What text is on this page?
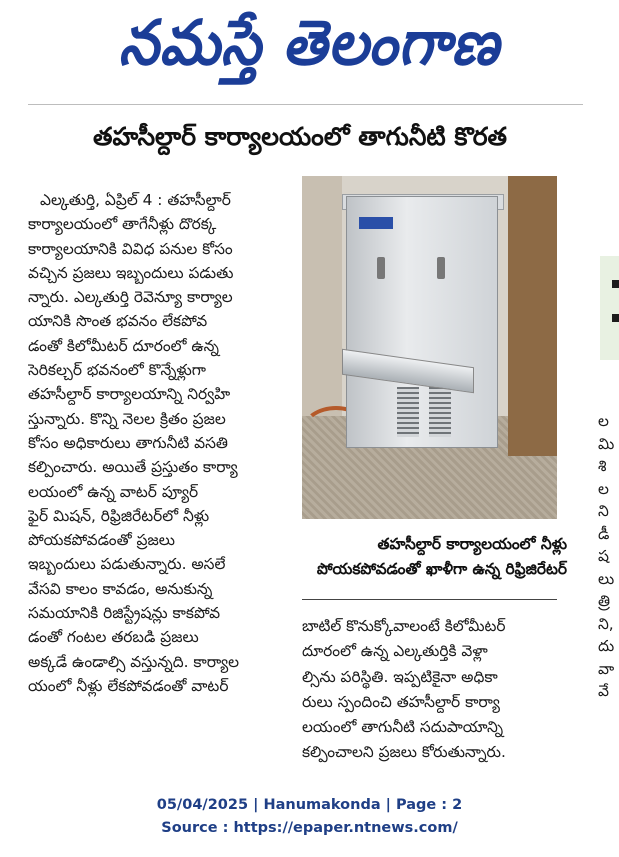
నమస్తే తెలంగాణ
తహసీల్దార్ కార్యాలయంలో తాగునీటి కొరత

ఎల్కతుర్తి, ఏప్రిల్ 4 : తహసీల్దార్

కార్యాలయంలో తాగేనీళ్లు దొరక్క

కార్యాలయానికి వివిధ పనుల కోసం

వచ్చిన ప్రజలు ఇబ్బందులు పడుతు

న్నారు. ఎల్కతుర్తి రెవెన్యూ కార్యాల

యానికి సొంత భవనం లేకపోవ

డంతో కిలోమీటర్ దూరంలో ఉన్న

సెరికల్చర్ భవనంలో కొన్నేళ్లుగా

తహసీల్దార్ కార్యాలయాన్ని నిర్వహి

స్తున్నారు. కొన్ని నెలల క్రితం ప్రజల

కోసం అధికారులు తాగునీటి వసతి

కల్పించారు. అయితే ప్రస్తుతం కార్యా

లయంలో ఉన్న వాటర్ ప్యూర్

ఫైర్ మిషన్, రిఫ్రిజిరేటర్‌లో నీళ్లు

పోయకపోవడంతో ప్రజలు

ఇబ్బందులు పడుతున్నారు. అసలే

వేసవి కాలం కావడం, అనుకున్న

సమయానికి రిజిస్ట్రేషన్లు కాకపోవ

డంతో గంటల తరబడి ప్రజలు

అక్కడే ఉండాల్సి వస్తున్నది. కార్యాల

యంలో నీళ్లు లేకపోవడంతో వాటర్

తహసీల్దార్ కార్యాలయంలో నీళ్లు

పోయకపోవడంతో ఖాళీగా ఉన్న రిఫ్రిజిరేటర్

బాటిల్ కొనుక్కోవాలంటే కిలోమీటర్

దూరంలో ఉన్న ఎల్కతుర్తికి వెళ్లా

ల్సిను పరిస్థితి. ఇప్పటికైనా అధికా

రులు స్పందించి తహసీల్దార్ కార్యా

లయంలో తాగునీటి సదుపాయాన్ని

కల్పించాలని ప్రజలు కోరుతున్నారు.

ల

మి

శి

ల

ని

డీ

ష

లు

త్రి

ని,

దు

వా

వే

05/04/2025 | Hanumakonda | Page : 2

Source : https://epaper.ntnews.com/
